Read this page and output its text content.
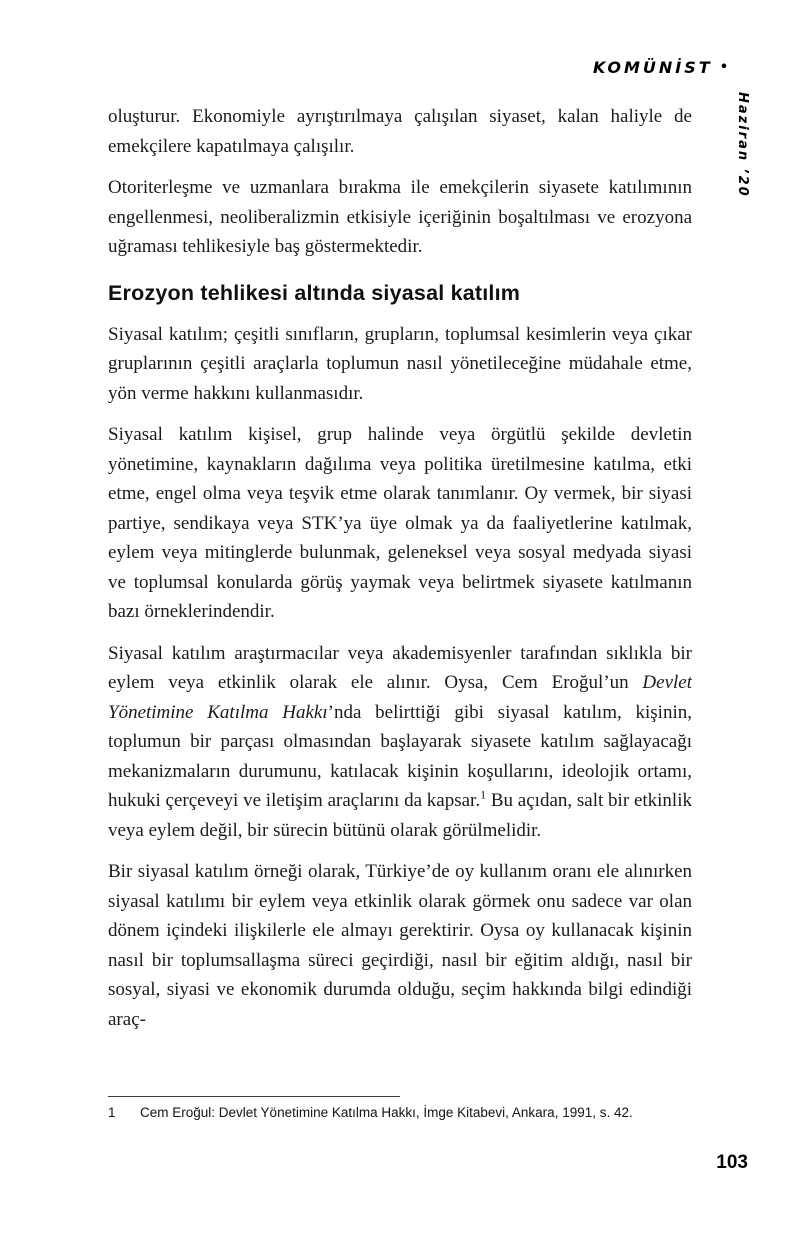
KOMÜNİST •
Haziran ’20

oluşturur. Ekonomiyle ayrıştırılmaya çalışılan siyaset, kalan haliyle de emekçilere kapatılmaya çalışılır.

Otoriterleşme ve uzmanlara bırakma ile emekçilerin siyasete katılımının engellenmesi, neoliberalizmin etkisiyle içeriğinin boşaltılması ve erozyona uğraması tehlikesiyle baş göstermektedir.

Erozyon tehlikesi altında siyasal katılım

Siyasal katılım; çeşitli sınıfların, grupların, toplumsal kesimlerin veya çıkar gruplarının çeşitli araçlarla toplumun nasıl yönetileceğine müdahale etme, yön verme hakkını kullanmasıdır.

Siyasal katılım kişisel, grup halinde veya örgütlü şekilde devletin yönetimine, kaynakların dağılıma veya politika üretilmesine katılma, etki etme, engel olma veya teşvik etme olarak tanımlanır. Oy vermek, bir siyasi partiye, sendikaya veya STK’ya üye olmak ya da faaliyetlerine katılmak, eylem veya mitinglerde bulunmak, geleneksel veya sosyal medyada siyasi ve toplumsal konularda görüş yaymak veya belirtmek siyasete katılmanın bazı örneklerindendir.

Siyasal katılım araştırmacılar veya akademisyenler tarafından sıklıkla bir eylem veya etkinlik olarak ele alınır. Oysa, Cem Eroğul’un Devlet Yönetimine Katılma Hakkı’nda belirttiği gibi siyasal katılım, kişinin, toplumun bir parçası olmasından başlayarak siyasete katılım sağlayacağı mekanizmaların durumunu, katılacak kişinin koşullarını, ideolojik ortamı, hukuki çerçeveyi ve iletişim araçlarını da kapsar.$^1$ Bu açıdan, salt bir etkinlik veya eylem değil, bir sürecin bütünü olarak görülmelidir.

Bir siyasal katılım örneği olarak, Türkiye’de oy kullanım oranı ele alınırken siyasal katılımı bir eylem veya etkinlik olarak görmek onu sadece var olan dönem içindeki ilişkilerle ele almayı gerektirir. Oysa oy kullanacak kişinin nasıl bir toplumsallaşma süreci geçirdiği, nasıl bir eğitim aldığı, nasıl bir sosyal, siyasi ve ekonomik durumda olduğu, seçim hakkında bilgi edindiği araç-

1	Cem Eroğul: Devlet Yönetimine Katılma Hakkı, İmge Kitabevi, Ankara, 1991, s. 42.
103
